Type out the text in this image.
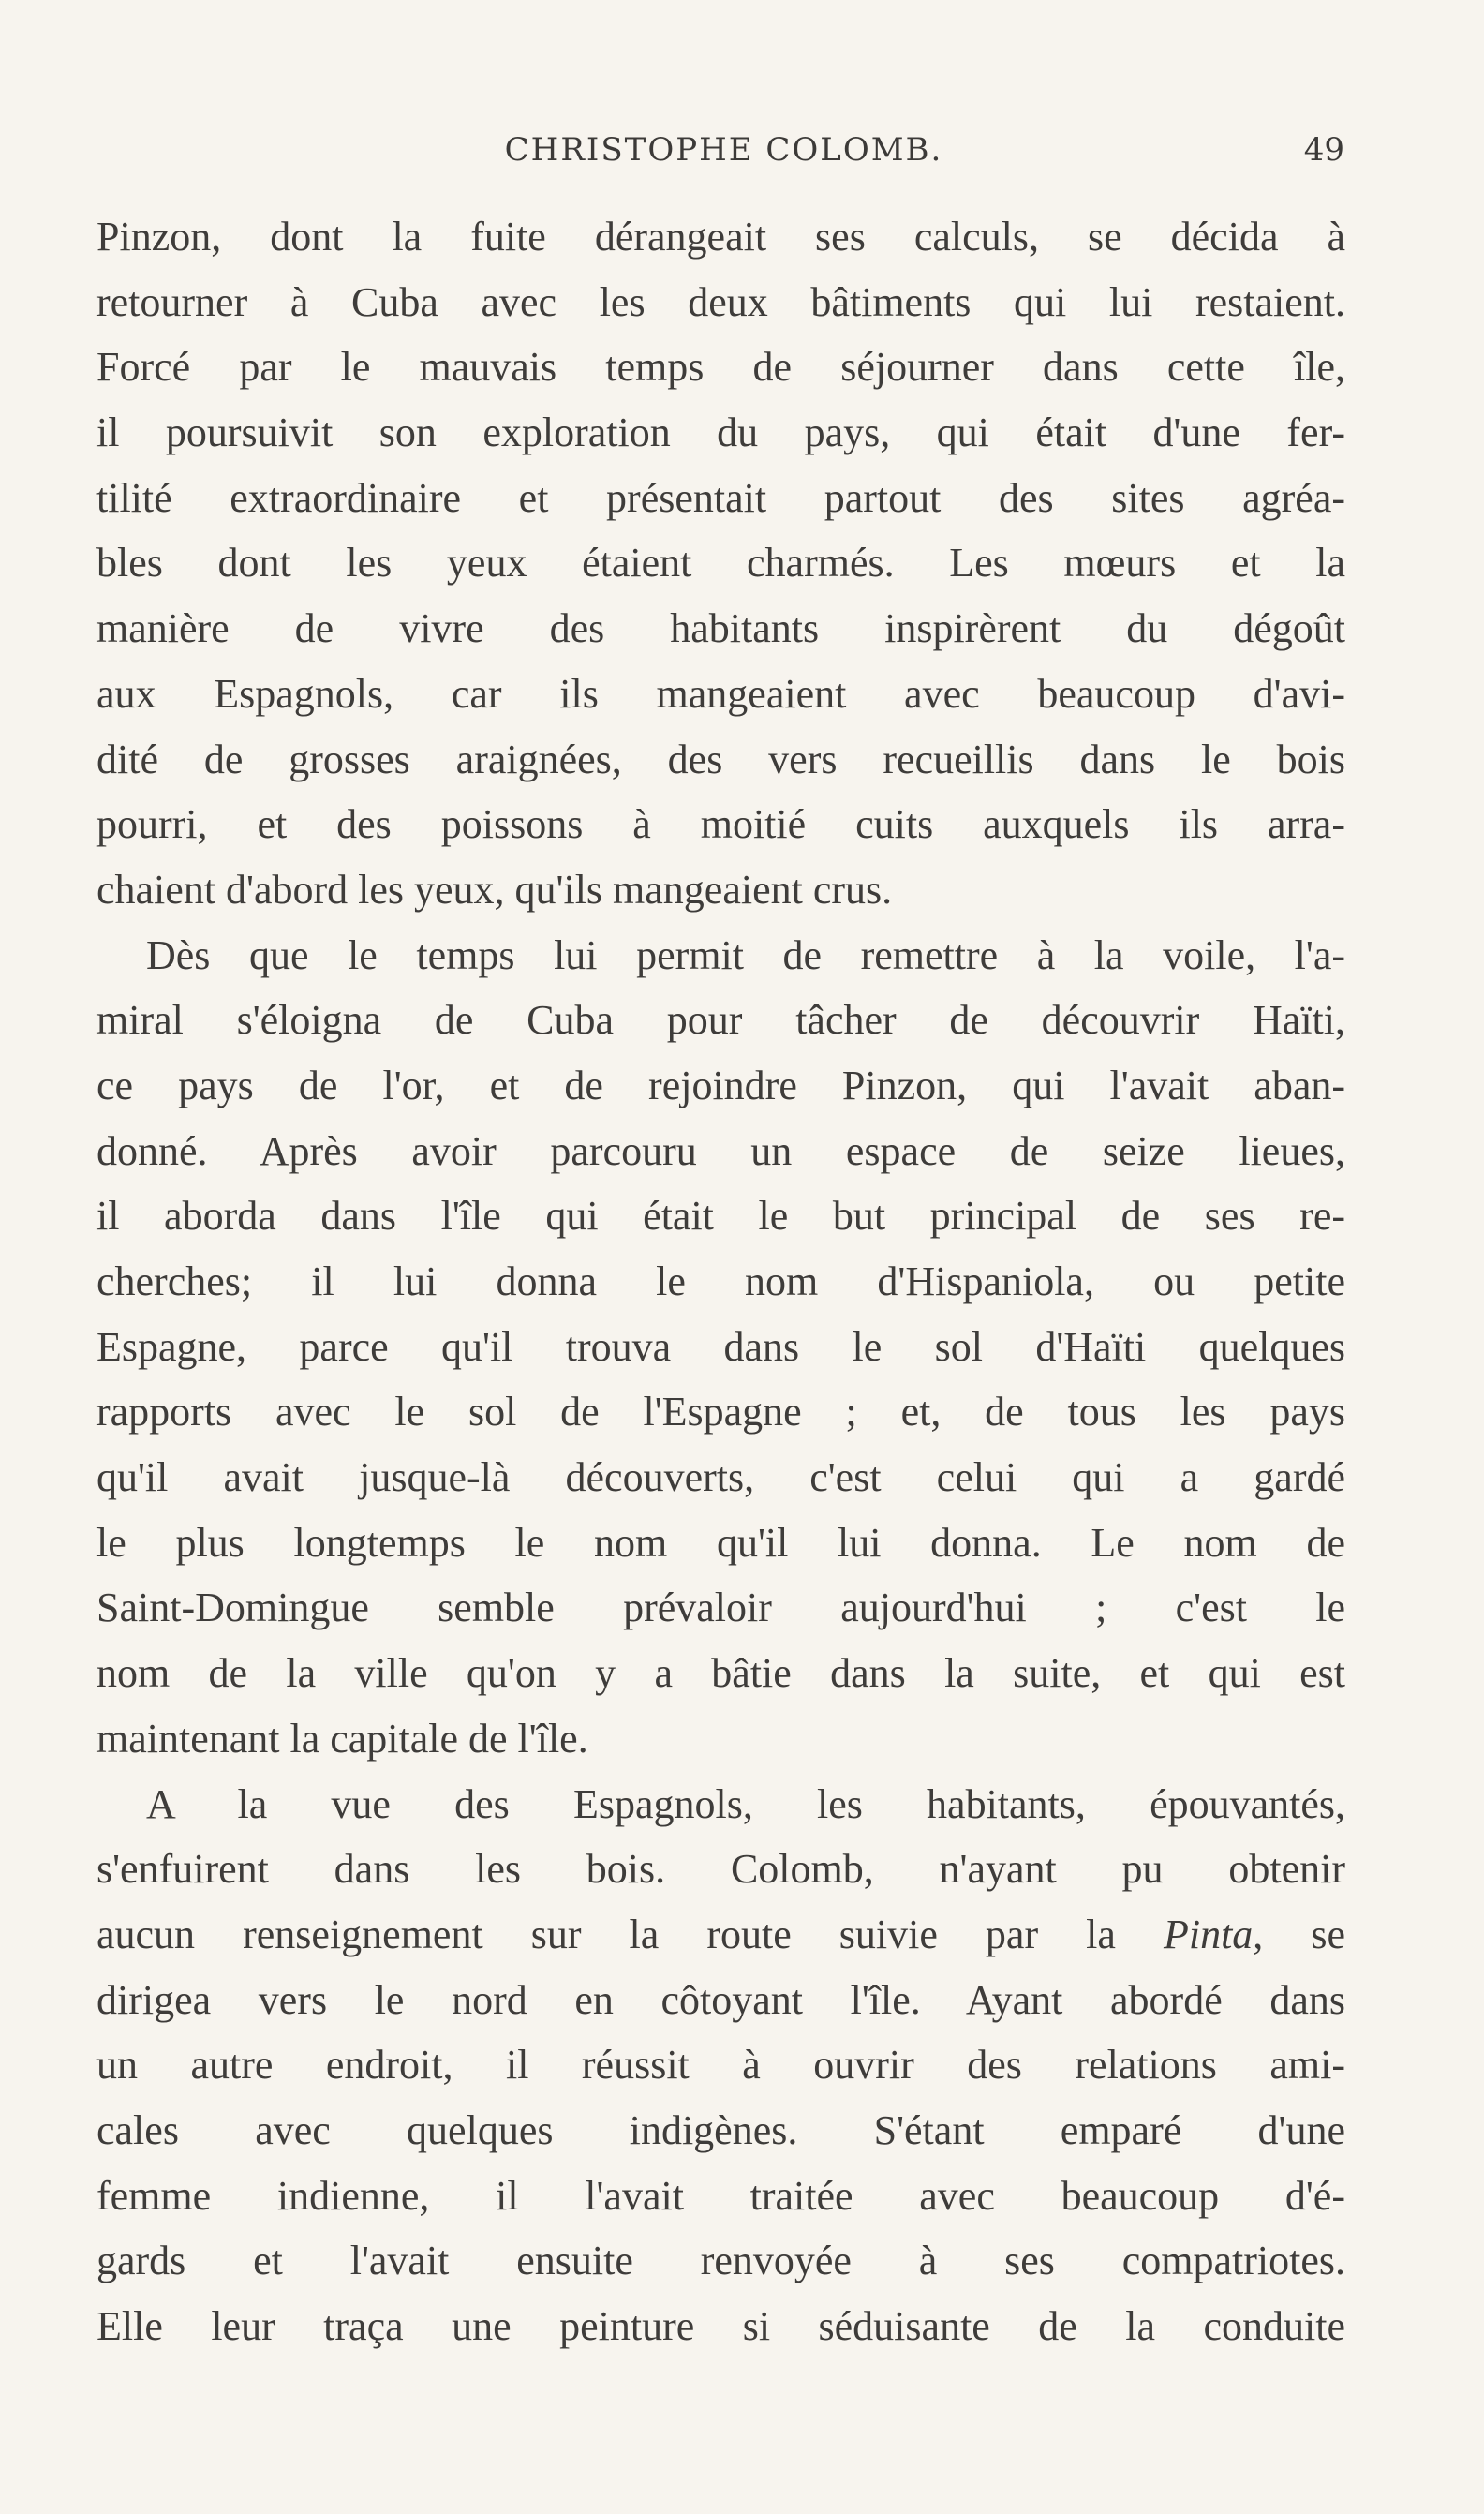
CHRISTOPHE COLOMB.	49
Pinzon, dont la fuite dérangeait ses calculs, se décida à
retourner à Cuba avec les deux bâtiments qui lui restaient.
Forcé par le mauvais temps de séjourner dans cette île,
il poursuivit son exploration du pays, qui était d'une fer-
tilité extraordinaire et présentait partout des sites agréa-
bles dont les yeux étaient charmés. Les mœurs et la
manière de vivre des habitants inspirèrent du dégoût
aux Espagnols, car ils mangeaient avec beaucoup d'avi-
dité de grosses araignées, des vers recueillis dans le bois
pourri, et des poissons à moitié cuits auxquels ils arra-
chaient d'abord les yeux, qu'ils mangeaient crus.
Dès que le temps lui permit de remettre à la voile, l'a-
miral s'éloigna de Cuba pour tâcher de découvrir Haïti,
ce pays de l'or, et de rejoindre Pinzon, qui l'avait aban-
donné. Après avoir parcouru un espace de seize lieues,
il aborda dans l'île qui était le but principal de ses re-
cherches; il lui donna le nom d'Hispaniola, ou petite
Espagne, parce qu'il trouva dans le sol d'Haïti quelques
rapports avec le sol de l'Espagne ; et, de tous les pays
qu'il avait jusque-là découverts, c'est celui qui a gardé
le plus longtemps le nom qu'il lui donna. Le nom de
Saint-Domingue semble prévaloir aujourd'hui ; c'est le
nom de la ville qu'on y a bâtie dans la suite, et qui est
maintenant la capitale de l'île.
A la vue des Espagnols, les habitants, épouvantés,
s'enfuirent dans les bois. Colomb, n'ayant pu obtenir
aucun renseignement sur la route suivie par la Pinta, se
dirigea vers le nord en côtoyant l'île. Ayant abordé dans
un autre endroit, il réussit à ouvrir des relations ami-
cales avec quelques indigènes. S'étant emparé d'une
femme indienne, il l'avait traitée avec beaucoup d'é-
gards et l'avait ensuite renvoyée à ses compatriotes.
Elle leur traça une peinture si séduisante de la conduite
